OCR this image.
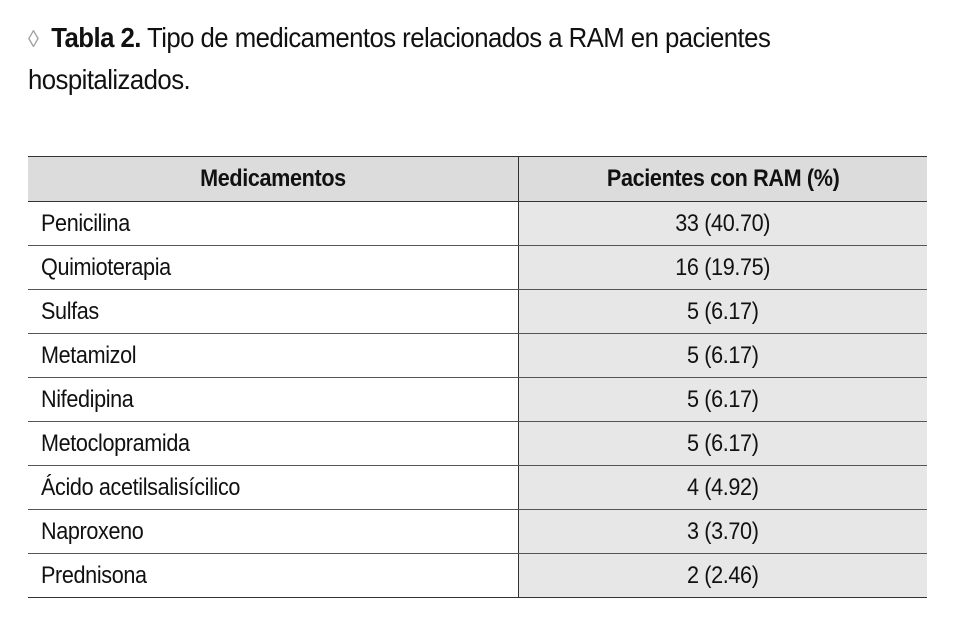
◊ Tabla 2. Tipo de medicamentos relacionados a RAM en pacientes hospitalizados.
Medicamentos	Pacientes con RAM (%)
Penicilina	33 (40.70)
Quimioterapia	16 (19.75)
Sulfas	5 (6.17)
Metamizol	5 (6.17)
Nifedipina	5 (6.17)
Metoclopramida	5 (6.17)
Ácido acetilsalisícilico	4 (4.92)
Naproxeno	3 (3.70)
Prednisona	2 (2.46)
